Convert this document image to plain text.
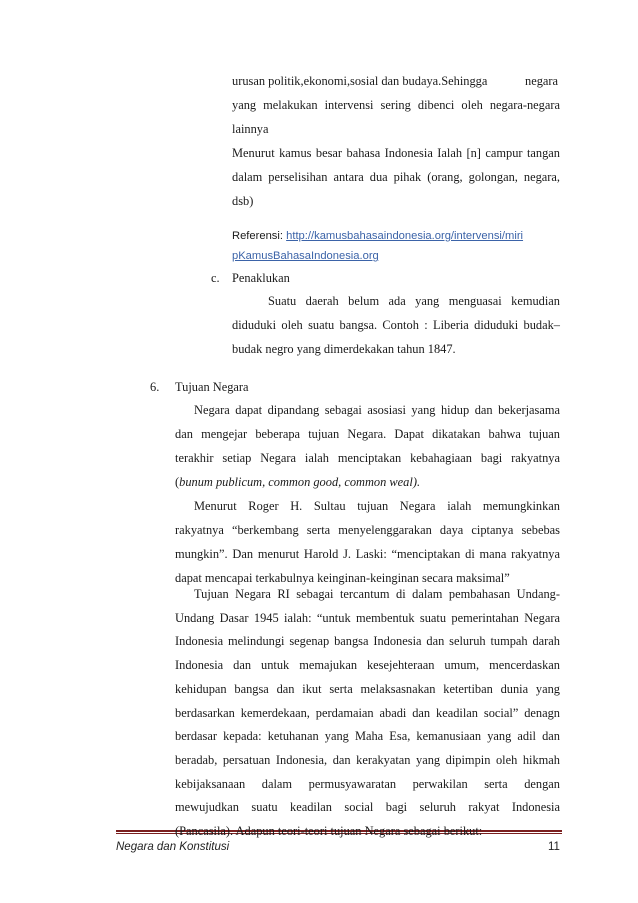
urusan politik,ekonomi,sosial dan budaya.Sehingga	negara
yang melakukan intervensi sering dibenci oleh negara-negara
lainnya
Menurut kamus besar bahasa Indonesia Ialah [n] campur tangan
dalam perselisihan antara dua pihak (orang, golongan, negara,
dsb)
Referensi: http://kamusbahasaindonesia.org/intervensi/miri
pKamusBahasaIndonesia.org
c. Penaklukan
Suatu daerah belum ada yang menguasai kemudian
diduduki oleh suatu bangsa. Contoh : Liberia diduduki budak–
budak negro yang dimerdekakan tahun 1847.
6. Tujuan Negara
Negara dapat dipandang sebagai asosiasi yang hidup dan bekerjasama
dan mengejar beberapa tujuan Negara. Dapat dikatakan bahwa tujuan
terakhir setiap Negara ialah menciptakan kebahagiaan bagi rakyatnya
(bunum publicum, common good, common weal).
Menurut Roger H. Sultau tujuan Negara ialah memungkinkan
rakyatnya “berkembang serta menyelenggarakan daya ciptanya sebebas
mungkin”. Dan menurut Harold J. Laski: “menciptakan di mana rakyatnya
dapat mencapai terkabulnya keinginan-keinginan secara maksimal”
Tujuan Negara RI sebagai tercantum di dalam pembahasan Undang-
Undang Dasar 1945 ialah: “untuk membentuk suatu pemerintahan Negara
Indonesia melindungi segenap bangsa Indonesia dan seluruh tumpah darah
Indonesia dan untuk memajukan kesejehteraan umum, mencerdaskan
kehidupan bangsa dan ikut serta melaksasnakan ketertiban dunia yang
berdasarkan kemerdekaan, perdamaian abadi dan keadilan social” denagn
berdasar kepada: ketuhanan yang Maha Esa, kemanusiaan yang adil dan
beradab, persatuan Indonesia, dan kerakyatan yang dipimpin oleh hikmah
kebijaksanaan dalam permusyawaratan perwakilan serta dengan
mewujudkan suatu keadilan social bagi seluruh rakyat Indonesia
Negara dan Konstitusi	11
(Pancasila). Adapun teori-teori tujuan Negara sebagai berikut:
